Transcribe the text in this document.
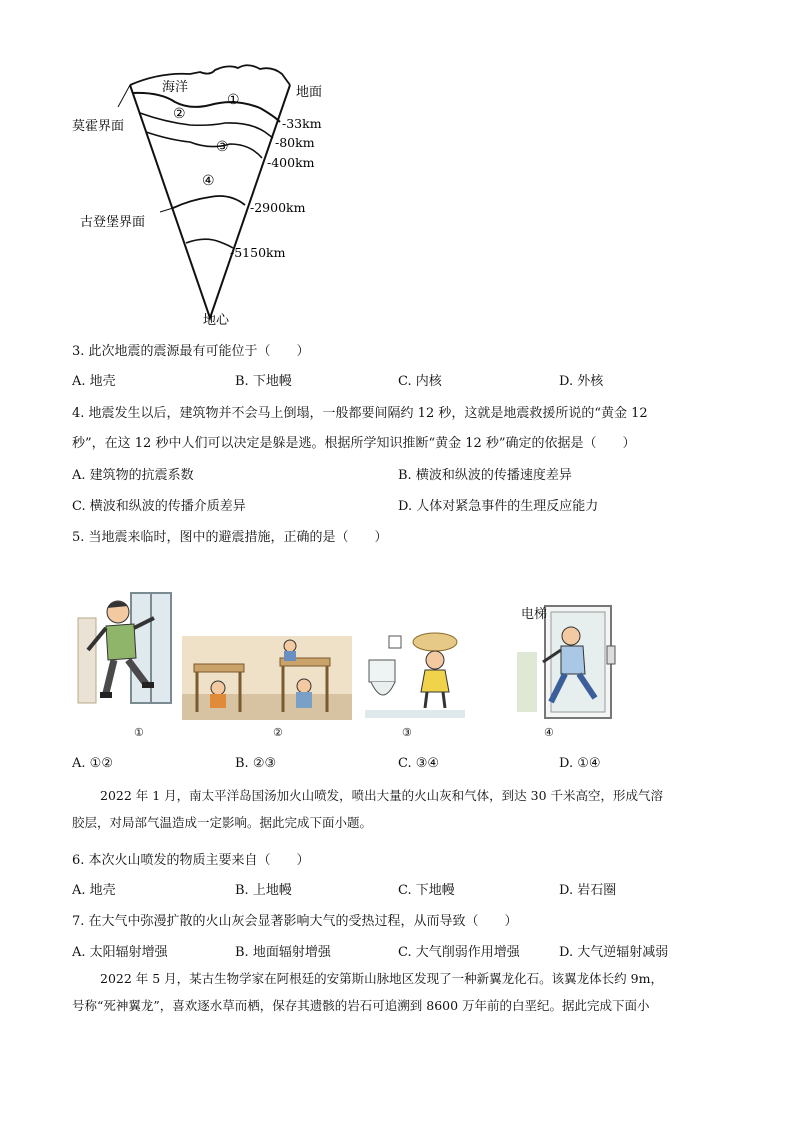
海洋	地面
莫霍界面
古登堡界面
地心
①
②
③
④
-33km
-80km
-400km
-2900km
-5150km
3. 此次地震的震源最有可能位于（　　）
A. 地壳	B. 下地幔	C. 内核	D. 外核
4. 地震发生以后，建筑物并不会马上倒塌，一般都要间隔约 12 秒，这就是地震救援所说的“黄金 12
秒”，在这 12 秒中人们可以决定是躲是逃。根据所学知识推断“黄金 12 秒”确定的依据是（　　）
A. 建筑物的抗震系数	B. 横波和纵波的传播速度差异
C. 横波和纵波的传播介质差异	D. 人体对紧急事件的生理反应能力
5. 当地震来临时，图中的避震措施，正确的是（　　）
电梯
①	②	③	④
A. ①②	B. ②③	C. ③④	D. ①④
2022 年 1 月，南太平洋岛国汤加火山喷发，喷出大量的火山灰和气体，到达 30 千米高空，形成气溶
胶层，对局部气温造成一定影响。据此完成下面小题。
6. 本次火山喷发的物质主要来自（　　）
A. 地壳	B. 上地幔	C. 下地幔	D. 岩石圈
7. 在大气中弥漫扩散的火山灰会显著影响大气的受热过程，从而导致（　　）
A. 太阳辐射增强	B. 地面辐射增强	C. 大气削弱作用增强	D. 大气逆辐射减弱
2022 年 5 月，某古生物学家在阿根廷的安第斯山脉地区发现了一种新翼龙化石。该翼龙体长约 9m，
号称“死神翼龙”，喜欢逐水草而栖，保存其遗骸的岩石可追溯到 8600 万年前的白垩纪。据此完成下面小
